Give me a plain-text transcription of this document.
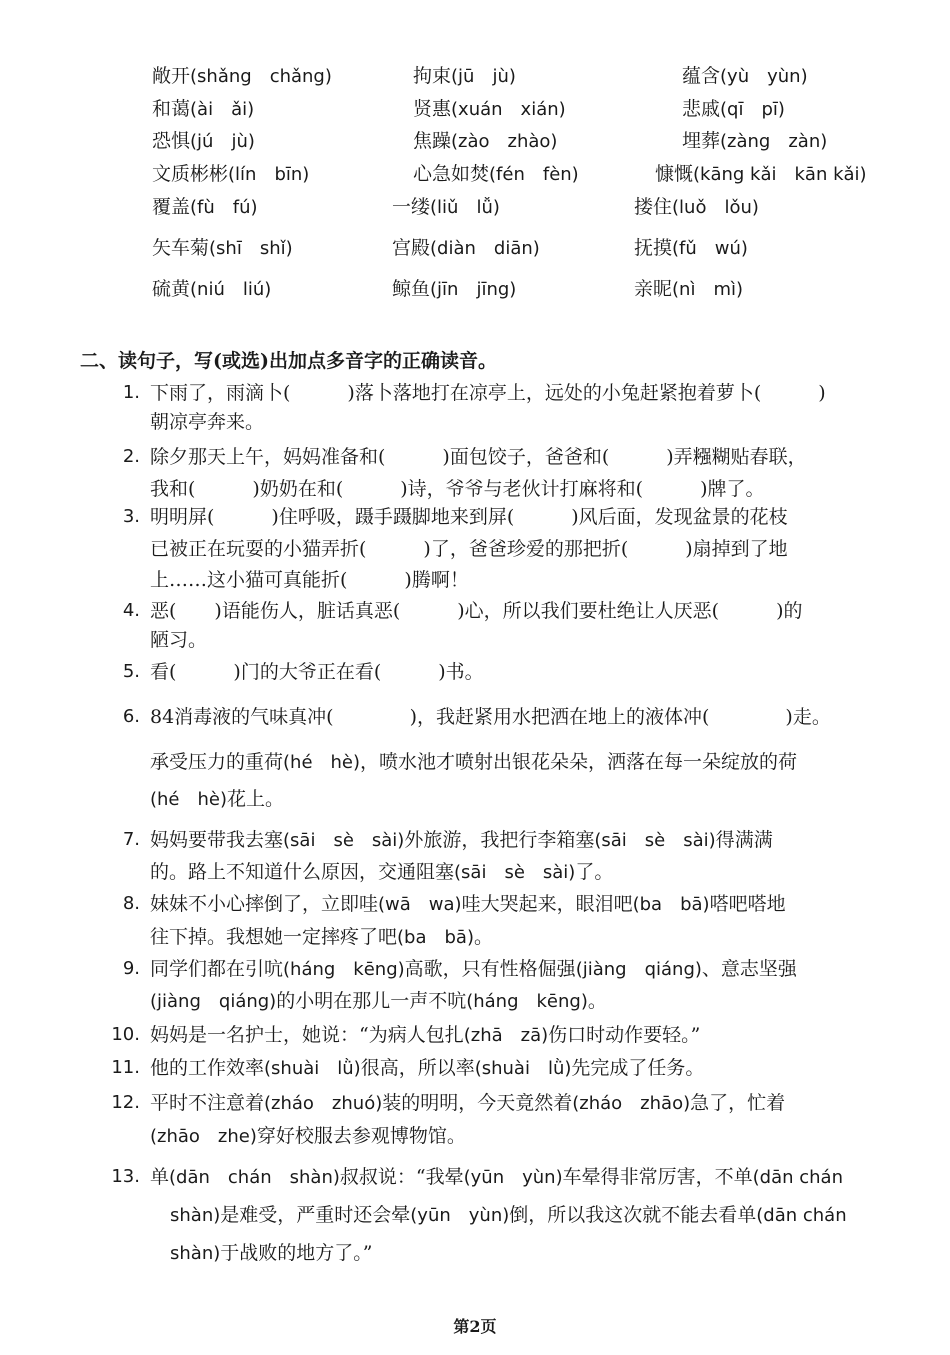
敞开(shǎng　chǎng)	拘束(jū　jù)	蕴含(yù　yùn)
和蔼(ài　ǎi)	贤惠(xuán　xián)	悲戚(qī　pī)
恐惧(jú　jù)	焦躁(zào　zhào)	埋葬(zàng　zàn)
文质彬彬(lín　bīn)	心急如焚(fén　fèn)	慷慨(kāng kǎi　kān kǎi)
覆盖(fù　fú)	一缕(liǔ　lǚ)	搂住(luǒ　lǒu)
矢车菊(shī　shǐ)	宫殿(diàn　diān)	抚摸(fǔ　wú)
硫黄(niú　liú)	鲸鱼(jīn　jīng)	亲昵(nì　mì)
二、读句子，写(或选)出加点多音字的正确读音。
1. 下雨了，雨滴卜(　　　)落卜落地打在凉亭上，远处的小兔赶紧抱着萝卜(　　　)
朝凉亭奔来。
2. 除夕那天上午，妈妈准备和(　　　)面包饺子，爸爸和(　　　)弄糨糊贴春联，
我和(　　　)奶奶在和(　　　)诗，爷爷与老伙计打麻将和(　　　)牌了。
3. 明明屏(　　　)住呼吸，蹑手蹑脚地来到屏(　　　)风后面，发现盆景的花枝
已被正在玩耍的小猫弄折(　　　)了，爸爸珍爱的那把折(　　　)扇掉到了地
上……这小猫可真能折(　　　)腾啊！
4. 恶(　　)语能伤人，脏话真恶(　　　)心，所以我们要杜绝让人厌恶(　　　)的
陋习。
5. 看(　　　)门的大爷正在看(　　　)书。
6. 84消毒液的气味真冲(　　　　)，我赶紧用水把洒在地上的液体冲(　　　　)走。
承受压力的重荷(hé　hè)，喷水池才喷射出银花朵朵，洒落在每一朵绽放的荷
(hé　hè)花上。
7. 妈妈要带我去塞(sāi　sè　sài)外旅游，我把行李箱塞(sāi　sè　sài)得满满
的。路上不知道什么原因，交通阻塞(sāi　sè　sài)了。
8. 妹妹不小心摔倒了，立即哇(wā　wa)哇大哭起来，眼泪吧(ba　bā)嗒吧嗒地
往下掉。我想她一定摔疼了吧(ba　bā)。
9. 同学们都在引吭(háng　kēng)高歌，只有性格倔强(jiàng　qiáng)、意志坚强
(jiàng　qiáng)的小明在那儿一声不吭(háng　kēng)。
10. 妈妈是一名护士，她说：“为病人包扎(zhā　zā)伤口时动作要轻。”
11. 他的工作效率(shuài　lǜ)很高，所以率(shuài　lǜ)先完成了任务。
12. 平时不注意着(zháo　zhuó)装的明明，今天竟然着(zháo　zhāo)急了，忙着
(zhāo　zhe)穿好校服去参观博物馆。
13. 单(dān　chán　shàn)叔叔说：“我晕(yūn　yùn)车晕得非常厉害，不单(dān chán
shàn)是难受，严重时还会晕(yūn　yùn)倒，所以我这次就不能去看单(dān chán
shàn)于战败的地方了。”
第2页
